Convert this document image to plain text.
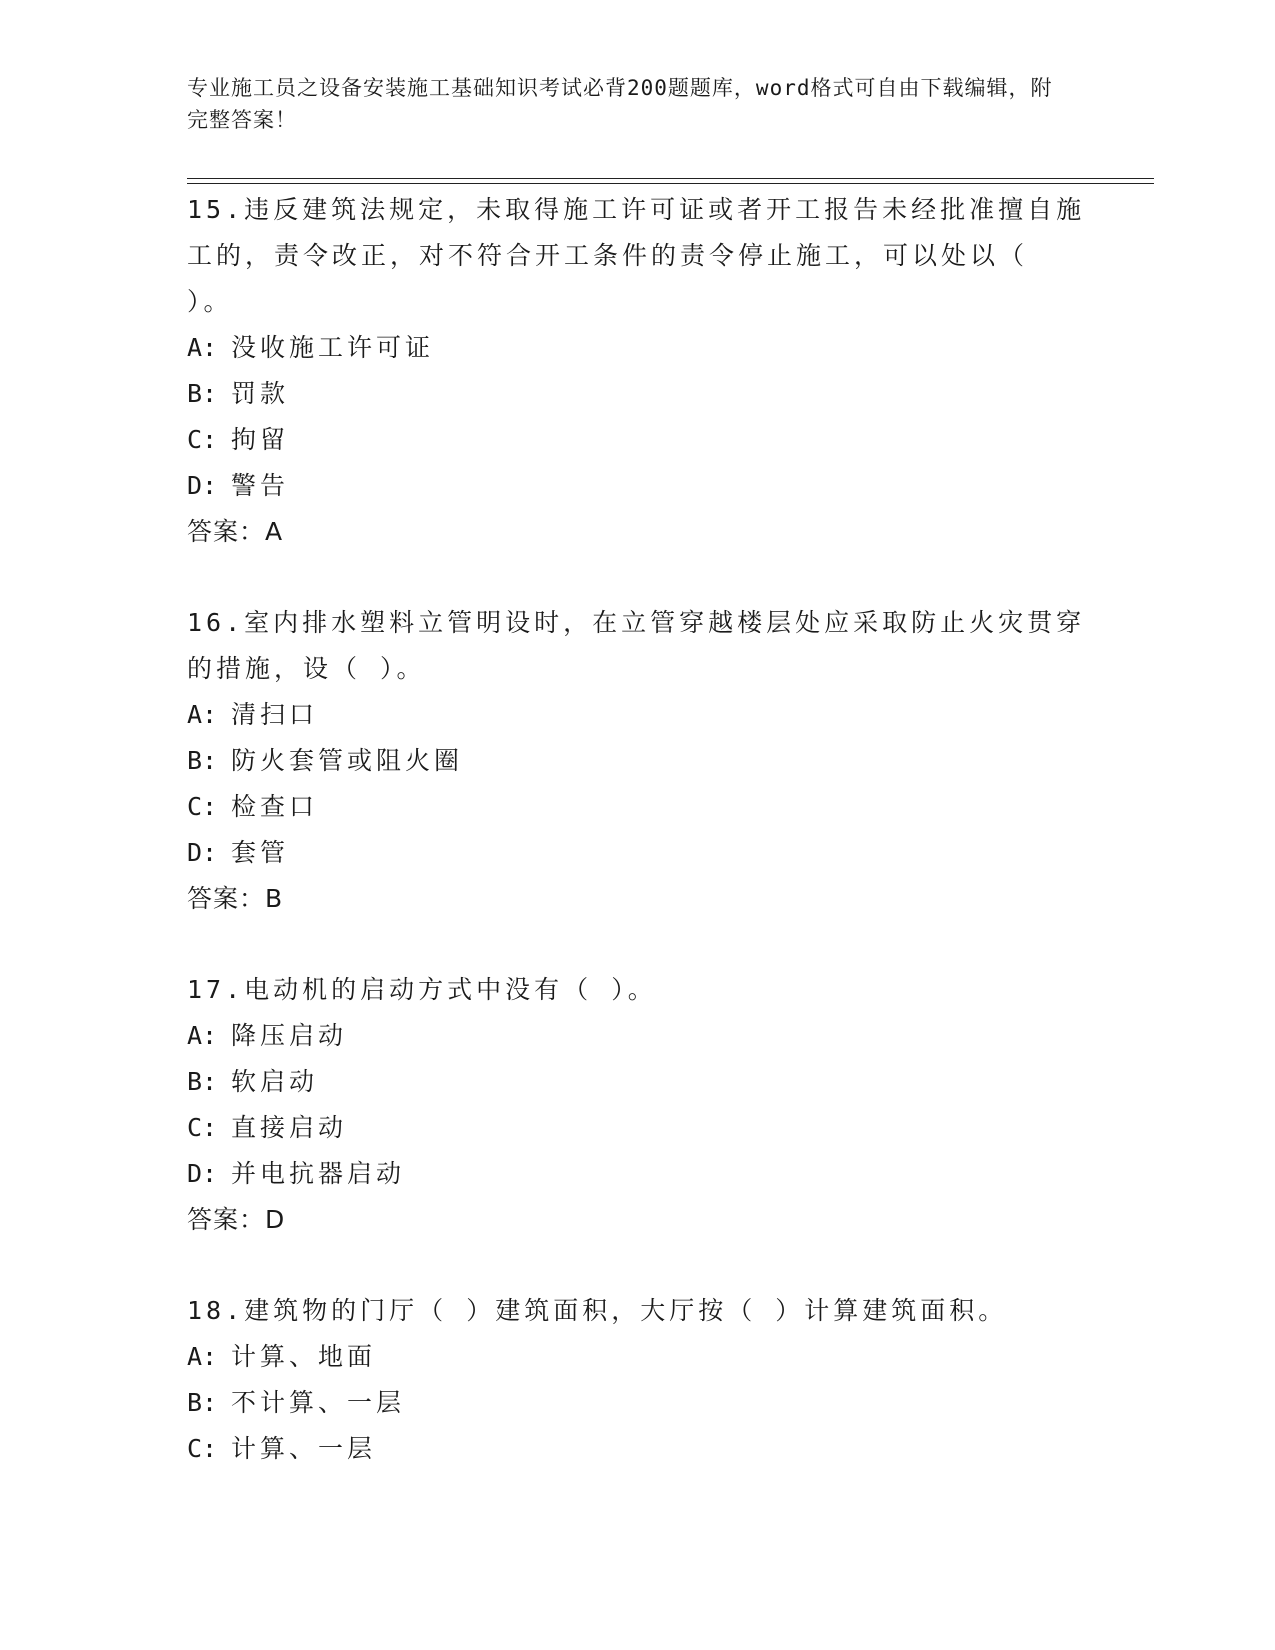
专业施工员之设备安装施工基础知识考试必背200题题库，word格式可自由下载编辑，附完整答案！

15.违反建筑法规定，未取得施工许可证或者开工报告未经批准擅自施工的，责令改正，对不符合开工条件的责令停止施工，可以处以（ ）。

A: 没收施工许可证
B: 罚款
C: 拘留
D: 警告
答案：A

16.室内排水塑料立管明设时，在立管穿越楼层处应采取防止火灾贯穿的措施，设（ ）。

A: 清扫口
B: 防火套管或阻火圈
C: 检查口
D: 套管
答案：B

17.电动机的启动方式中没有（ ）。

A: 降压启动
B: 软启动
C: 直接启动
D: 并电抗器启动
答案：D

18.建筑物的门厅（ ）建筑面积，大厅按（ ）计算建筑面积。

A: 计算、地面
B: 不计算、一层
C: 计算、一层
